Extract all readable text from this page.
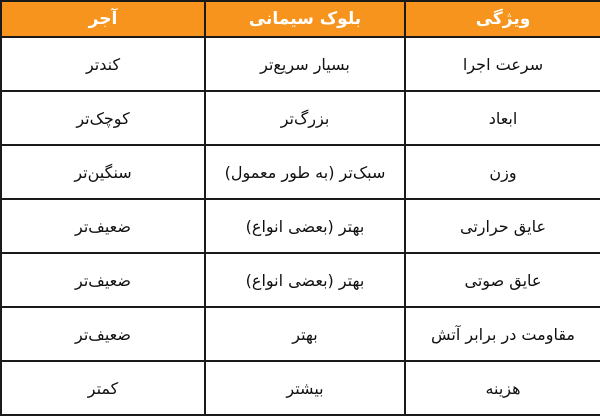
ویژگی	بلوک سیمانی	آجر
سرعت اجرا	بسیار سریع‌تر	کندتر
ابعاد	بزرگ‌تر	کوچک‌تر
وزن	سبک‌تر (به طور معمول)	سنگین‌تر
عایق حرارتی	بهتر (بعضی انواع)	ضعیف‌تر
عایق صوتی	بهتر (بعضی انواع)	ضعیف‌تر
مقاومت در برابر آتش	بهتر	ضعیف‌تر
هزینه	بیشتر	کمتر
